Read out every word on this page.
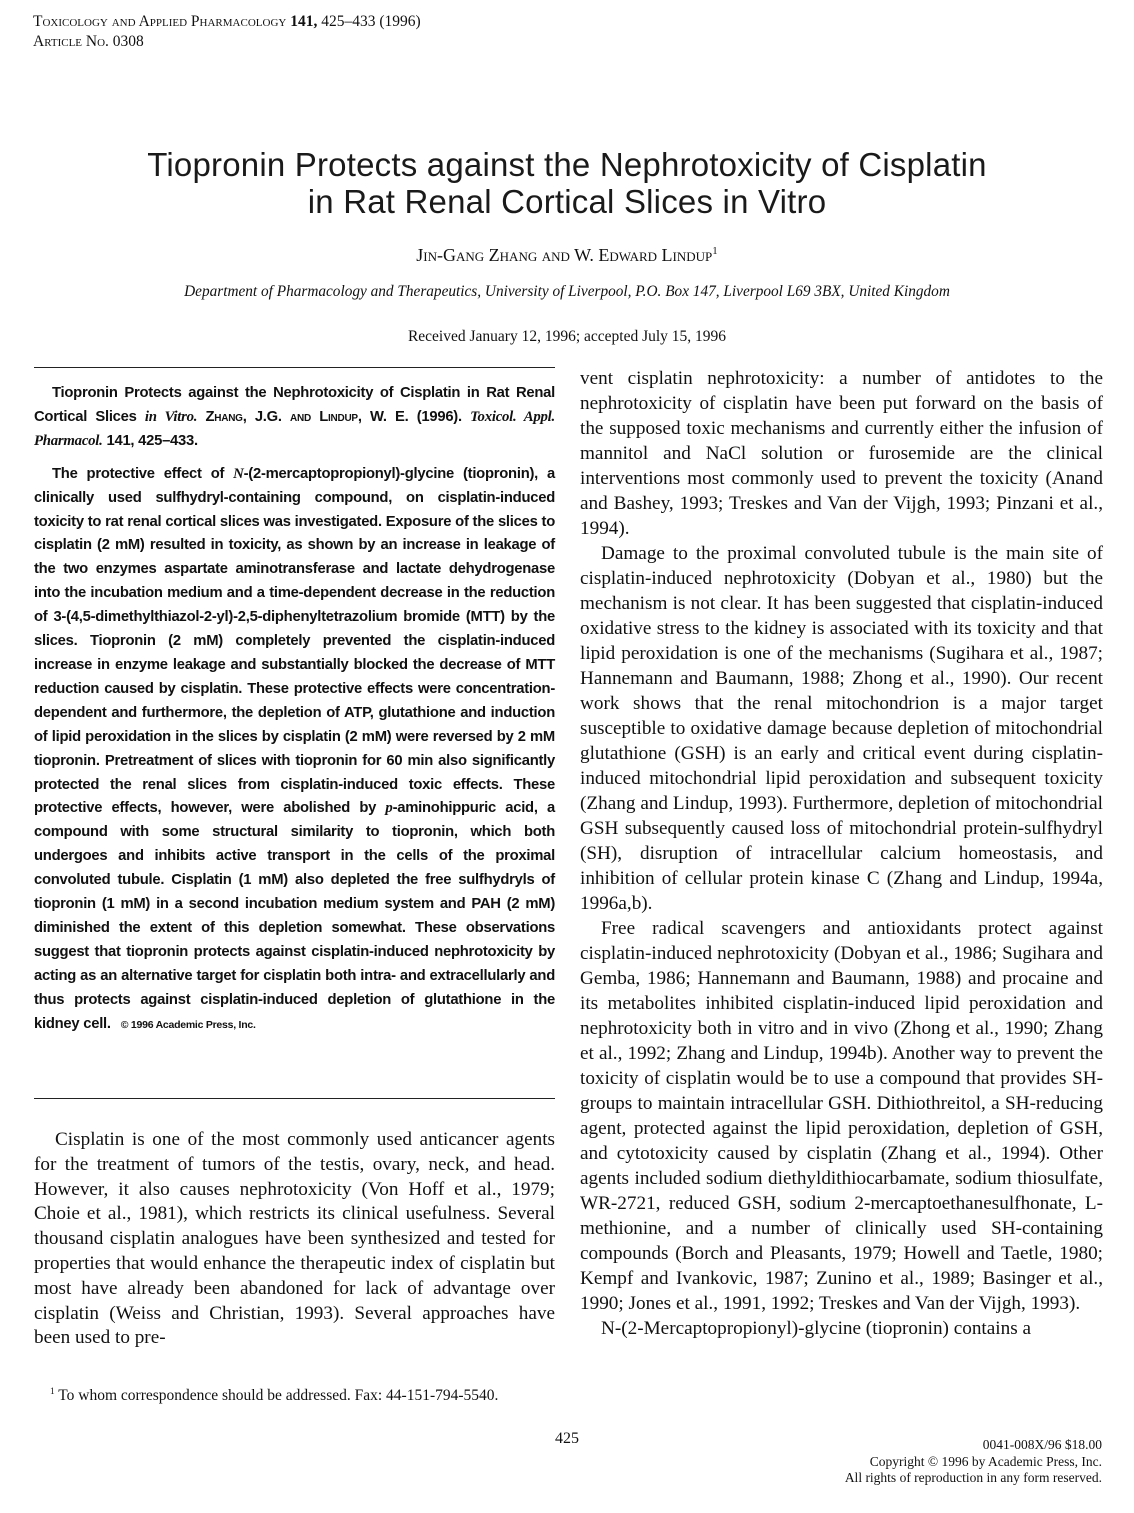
Toxicology and Applied Pharmacology 141, 425–433 (1996)
Article No. 0308
Tiopronin Protects against the Nephrotoxicity of Cisplatin
in Rat Renal Cortical Slices in Vitro
Jin-Gang Zhang and W. Edward Lindup$^1$
Department of Pharmacology and Therapeutics, University of Liverpool, P.O. Box 147, Liverpool L69 3BX, United Kingdom
Received January 12, 1996; accepted July 15, 1996

Tiopronin Protects against the Nephrotoxicity of Cisplatin in Rat Renal Cortical Slices in Vitro. Zhang, J.G. and Lindup, W. E. (1996). Toxicol. Appl. Pharmacol. 141, 425–433.

The protective effect of N-(2-mercaptopropionyl)-glycine (tiopronin), a clinically used sulfhydryl-containing compound, on cisplatin-induced toxicity to rat renal cortical slices was investigated. Exposure of the slices to cisplatin (2 mM) resulted in toxicity, as shown by an increase in leakage of the two enzymes aspartate aminotransferase and lactate dehydrogenase into the incubation medium and a time-dependent decrease in the reduction of 3-(4,5-dimethylthiazol-2-yl)-2,5-diphenyltetrazolium bromide (MTT) by the slices. Tiopronin (2 mM) completely prevented the cisplatin-induced increase in enzyme leakage and substantially blocked the decrease of MTT reduction caused by cisplatin. These protective effects were concentration-dependent and furthermore, the depletion of ATP, glutathione and induction of lipid peroxidation in the slices by cisplatin (2 mM) were reversed by 2 mM tiopronin. Pretreatment of slices with tiopronin for 60 min also significantly protected the renal slices from cisplatin-induced toxic effects. These protective effects, however, were abolished by p-aminohippuric acid, a compound with some structural similarity to tiopronin, which both undergoes and inhibits active transport in the cells of the proximal convoluted tubule. Cisplatin (1 mM) also depleted the free sulfhydryls of tiopronin (1 mM) in a second incubation medium system and PAH (2 mM) diminished the extent of this depletion somewhat. These observations suggest that tiopronin protects against cisplatin-induced nephrotoxicity by acting as an alternative target for cisplatin both intra- and extracellularly and thus protects against cisplatin-induced depletion of glutathione in the kidney cell. © 1996 Academic Press, Inc.

Cisplatin is one of the most commonly used anticancer agents for the treatment of tumors of the testis, ovary, neck, and head. However, it also causes nephrotoxicity (Von Hoff et al., 1979; Choie et al., 1981), which restricts its clinical usefulness. Several thousand cisplatin analogues have been synthesized and tested for properties that would enhance the therapeutic index of cisplatin but most have already been abandoned for lack of advantage over cisplatin (Weiss and Christian, 1993). Several approaches have been used to pre-

$^1$ To whom correspondence should be addressed. Fax: 44-151-794-5540.

vent cisplatin nephrotoxicity: a number of antidotes to the nephrotoxicity of cisplatin have been put forward on the basis of the supposed toxic mechanisms and currently either the infusion of mannitol and NaCl solution or furosemide are the clinical interventions most commonly used to prevent the toxicity (Anand and Bashey, 1993; Treskes and Van der Vijgh, 1993; Pinzani et al., 1994).

Damage to the proximal convoluted tubule is the main site of cisplatin-induced nephrotoxicity (Dobyan et al., 1980) but the mechanism is not clear. It has been suggested that cisplatin-induced oxidative stress to the kidney is associated with its toxicity and that lipid peroxidation is one of the mechanisms (Sugihara et al., 1987; Hannemann and Baumann, 1988; Zhong et al., 1990). Our recent work shows that the renal mitochondrion is a major target susceptible to oxidative damage because depletion of mitochondrial glutathione (GSH) is an early and critical event during cisplatin-induced mitochondrial lipid peroxidation and subsequent toxicity (Zhang and Lindup, 1993). Furthermore, depletion of mitochondrial GSH subsequently caused loss of mitochondrial protein-sulfhydryl (SH), disruption of intracellular calcium homeostasis, and inhibition of cellular protein kinase C (Zhang and Lindup, 1994a, 1996a,b).

Free radical scavengers and antioxidants protect against cisplatin-induced nephrotoxicity (Dobyan et al., 1986; Sugihara and Gemba, 1986; Hannemann and Baumann, 1988) and procaine and its metabolites inhibited cisplatin-induced lipid peroxidation and nephrotoxicity both in vitro and in vivo (Zhong et al., 1990; Zhang et al., 1992; Zhang and Lindup, 1994b). Another way to prevent the toxicity of cisplatin would be to use a compound that provides SH-groups to maintain intracellular GSH. Dithiothreitol, a SH-reducing agent, protected against the lipid peroxidation, depletion of GSH, and cytotoxicity caused by cisplatin (Zhang et al., 1994). Other agents included sodium diethyldithiocarbamate, sodium thiosulfate, WR-2721, reduced GSH, sodium 2-mercaptoethanesulfhonate, L-methionine, and a number of clinically used SH-containing compounds (Borch and Pleasants, 1979; Howell and Taetle, 1980; Kempf and Ivankovic, 1987; Zunino et al., 1989; Basinger et al., 1990; Jones et al., 1991, 1992; Treskes and Van der Vijgh, 1993).

N-(2-Mercaptopropionyl)-glycine (tiopronin) contains a

425	0041-008X/96 $18.00
Copyright © 1996 by Academic Press, Inc.
All rights of reproduction in any form reserved.
